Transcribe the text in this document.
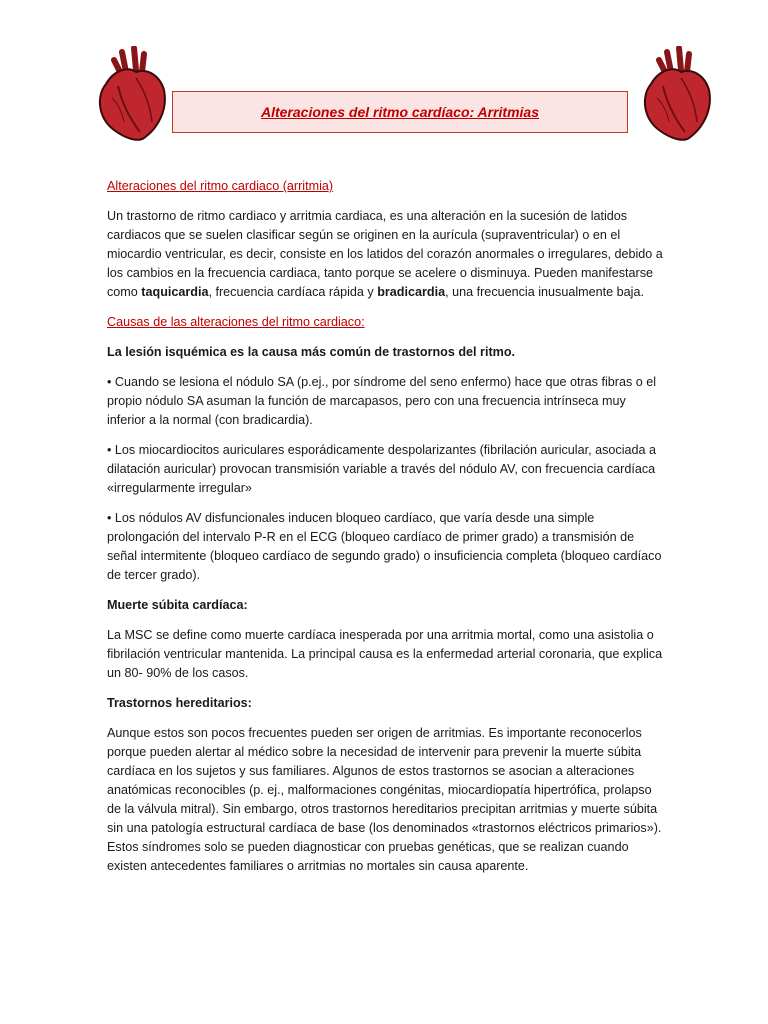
Alteraciones del ritmo cardíaco: Arritmias

Alteraciones del ritmo cardiaco (arritmia)

Un trastorno de ritmo cardiaco y arritmia cardiaca, es una alteración en la sucesión de latidos cardiacos que se suelen clasificar según se originen en la aurícula (supraventricular) o en el miocardio ventricular, es decir, consiste en los latidos del corazón anormales o irregulares, debido a los cambios en la frecuencia cardiaca, tanto porque se acelere o disminuya. Pueden manifestarse como taquicardia, frecuencia cardíaca rápida y bradicardia, una frecuencia inusualmente baja.

Causas de las alteraciones del ritmo cardiaco:

La lesión isquémica es la causa más común de trastornos del ritmo.

• Cuando se lesiona el nódulo SA (p.ej., por síndrome del seno enfermo) hace que otras fibras o el propio nódulo SA asuman la función de marcapasos, pero con una frecuencia intrínseca muy inferior a la normal (con bradicardia).

• Los miocardiocitos auriculares esporádicamente despolarizantes (fibrilación auricular, asociada a dilatación auricular) provocan transmisión variable a través del nódulo AV, con frecuencia cardíaca «irregularmente irregular»

• Los nódulos AV disfuncionales inducen bloqueo cardíaco, que varía desde una simple prolongación del intervalo P-R en el ECG (bloqueo cardíaco de primer grado) a transmisión de señal intermitente (bloqueo cardíaco de segundo grado) o insuficiencia completa (bloqueo cardíaco de tercer grado).

Muerte súbita cardíaca:

La MSC se define como muerte cardíaca inesperada por una arritmia mortal, como una asistolia o fibrilación ventricular mantenida. La principal causa es la enfermedad arterial coronaria, que explica un 80- 90% de los casos.

Trastornos hereditarios:

Aunque estos son pocos frecuentes pueden ser origen de arritmias. Es importante reconocerlos porque pueden alertar al médico sobre la necesidad de intervenir para prevenir la muerte súbita cardíaca en los sujetos y sus familiares. Algunos de estos trastornos se asocian a alteraciones anatómicas reconocibles (p. ej., malformaciones congénitas, miocardiopatía hipertrófica, prolapso de la válvula mitral). Sin embargo, otros trastornos hereditarios precipitan arritmias y muerte súbita sin una patología estructural cardíaca de base (los denominados «trastornos eléctricos primarios»). Estos síndromes solo se pueden diagnosticar con pruebas genéticas, que se realizan cuando existen antecedentes familiares o arritmias no mortales sin causa aparente.
